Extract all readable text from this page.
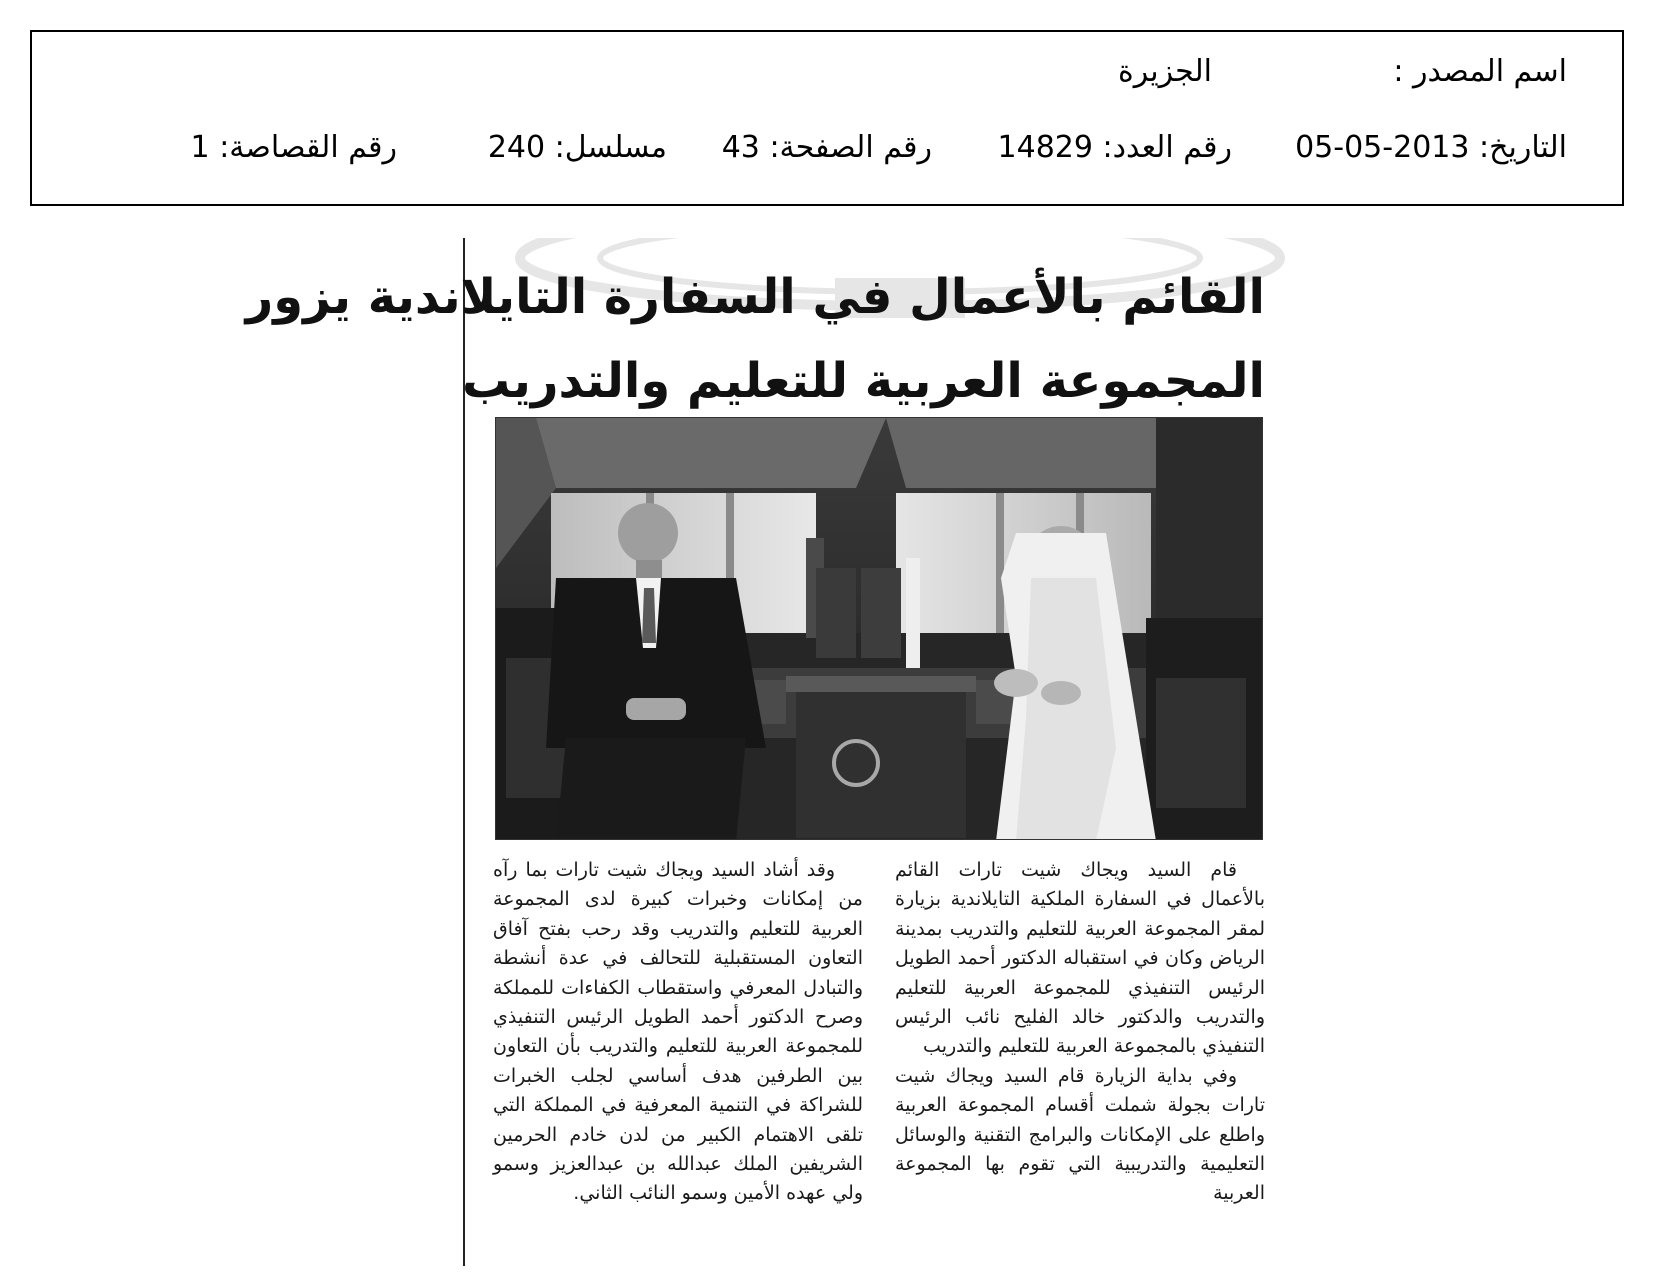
اسم المصدر :
الجزيرة
التاريخ: 2013-05-05
رقم العدد: 14829
رقم الصفحة: 43
مسلسل: 240
رقم القصاصة: 1
القائم بالأعمال في السفارة التايلاندية يزور
المجموعة العربية للتعليم والتدريب

قام السيد ويجاك شيت تارات القائم بالأعمال في السفارة الملكية التايلاندية بزيارة لمقر المجموعة العربية للتعليم والتدريب بمدينة الرياض وكان في استقباله الدكتور أحمد الطويل الرئيس التنفيذي للمجموعة العربية للتعليم والتدريب والدكتور خالد الفليح نائب الرئيس التنفيذي بالمجموعة العربية للتعليم والتدريب

وفي بداية الزيارة قام السيد ويجاك شيت تارات بجولة شملت أقسام المجموعة العربية واطلع على الإمكانات والبرامج التقنية والوسائل التعليمية والتدريبية التي تقوم بها المجموعة العربية

وقد أشاد السيد ويجاك شيت تارات بما رآه من إمكانات وخبرات كبيرة لدى المجموعة العربية للتعليم والتدريب وقد رحب بفتح آفاق التعاون المستقبلية للتحالف في عدة أنشطة والتبادل المعرفي واستقطاب الكفاءات للمملكة وصرح الدكتور أحمد الطويل الرئيس التنفيذي للمجموعة العربية للتعليم والتدريب بأن التعاون بين الطرفين هدف أساسي لجلب الخبرات للشراكة في التنمية المعرفية في المملكة التي تلقى الاهتمام الكبير من لدن خادم الحرمين الشريفين الملك عبدالله بن عبدالعزيز وسمو ولي عهده الأمين وسمو النائب الثاني.
